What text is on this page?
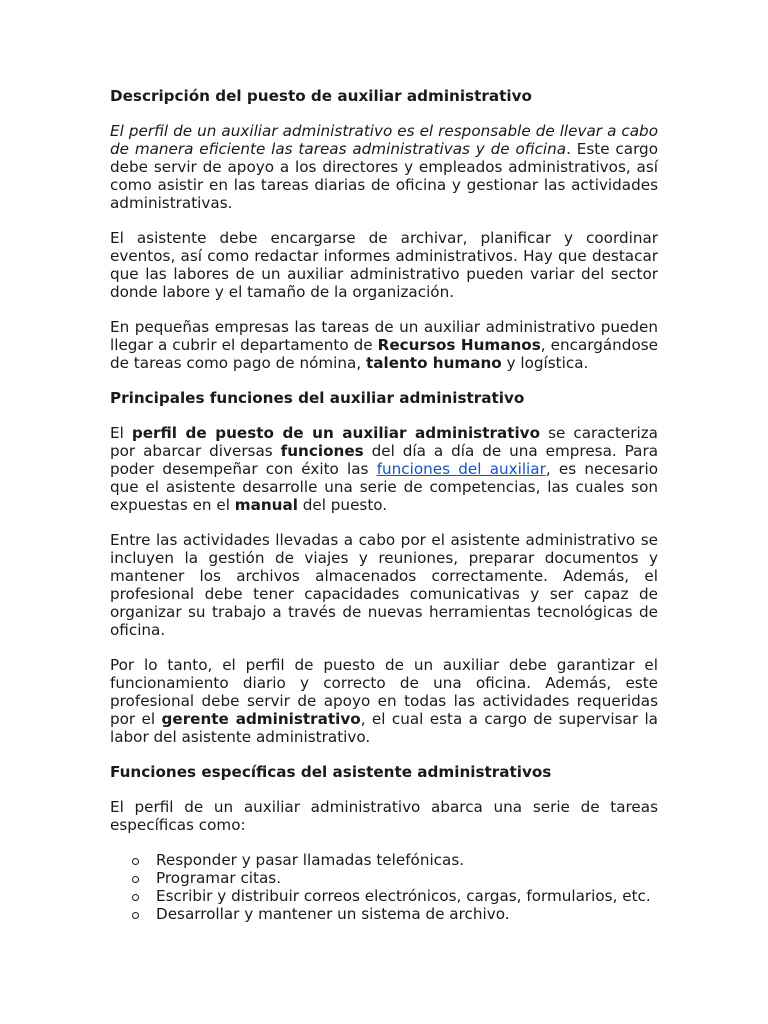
Descripción del puesto de auxiliar administrativo

El perfil de un auxiliar administrativo es el responsable de llevar a cabo de manera eficiente las tareas administrativas y de oficina. Este cargo debe servir de apoyo a los directores y empleados administrativos, así como asistir en las tareas diarias de oficina y gestionar las actividades administrativas.

El asistente debe encargarse de archivar, planificar y coordinar eventos, así como redactar informes administrativos. Hay que destacar que las labores de un auxiliar administrativo pueden variar del sector donde labore y el tamaño de la organización.

En pequeñas empresas las tareas de un auxiliar administrativo pueden llegar a cubrir el departamento de Recursos Humanos, encargándose de tareas como pago de nómina, talento humano y logística.

Principales funciones del auxiliar administrativo

El perfil de puesto de un auxiliar administrativo se caracteriza por abarcar diversas funciones del día a día de una empresa. Para poder desempeñar con éxito las funciones del auxiliar, es necesario que el asistente desarrolle una serie de competencias, las cuales son expuestas en el manual del puesto.

Entre las actividades llevadas a cabo por el asistente administrativo se incluyen la gestión de viajes y reuniones, preparar documentos y mantener los archivos almacenados correctamente. Además, el profesional debe tener capacidades comunicativas y ser capaz de organizar su trabajo a través de nuevas herramientas tecnológicas de oficina.

Por lo tanto, el perfil de puesto de un auxiliar debe garantizar el funcionamiento diario y correcto de una oficina. Además, este profesional debe servir de apoyo en todas las actividades requeridas por el gerente administrativo, el cual esta a cargo de supervisar la labor del asistente administrativo.

Funciones específicas del asistente administrativos

El perfil de un auxiliar administrativo abarca una serie de tareas específicas como:

Responder y pasar llamadas telefónicas.
Programar citas.
Escribir y distribuir correos electrónicos, cargas, formularios, etc.
Desarrollar y mantener un sistema de archivo.
